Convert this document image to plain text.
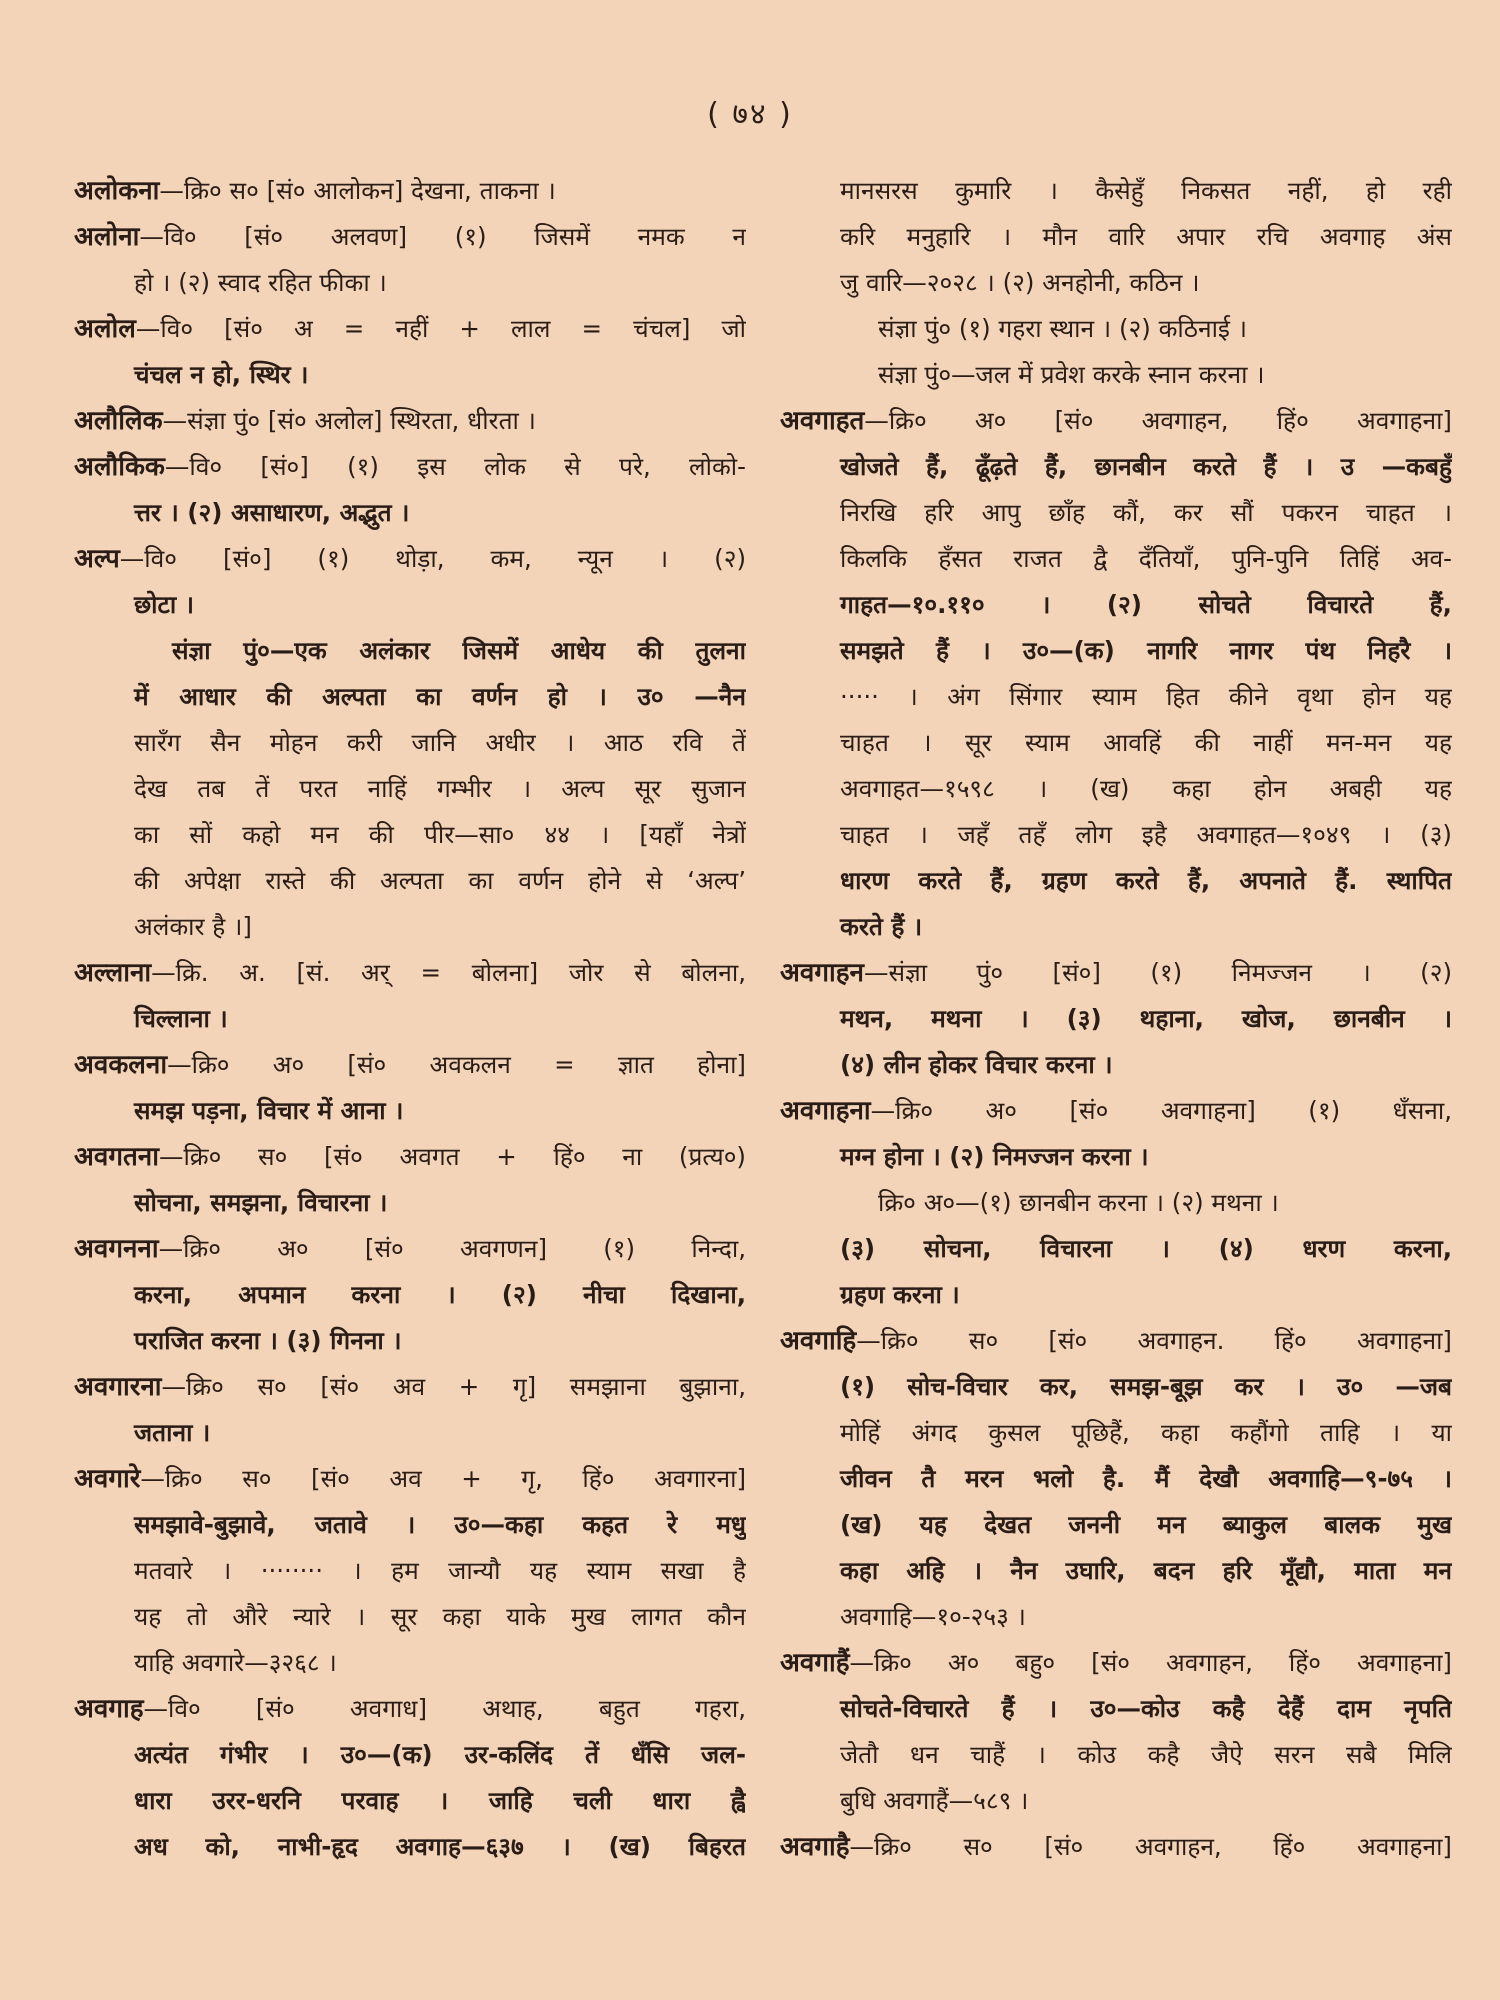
( ७४ )
अलोकना—क्रि० स० [सं० आलोकन] देखना, ताकना ।
अलोना—वि० [सं० अलवण] (१) जिसमें नमक न
हो । (२) स्वाद रहित फीका ।
अलोल—वि० [सं० अ = नहीं + लाल = चंचल] जो
चंचल न हो, स्थिर ।
अलौलिक—संज्ञा पुं० [सं० अलोल] स्थिरता, धीरता ।
अलौकिक—वि० [सं०] (१) इस लोक से परे, लोको-
त्तर । (२) असाधारण, अद्भुत ।
अल्प—वि० [सं०] (१) थोड़ा, कम, न्यून । (२)
छोटा ।
संज्ञा पुं०—एक अलंकार जिसमें आधेय की तुलना
में आधार की अल्पता का वर्णन हो । उ० —नैन
सारँग सैन मोहन करी जानि अधीर । आठ रवि तें
देख तब तें परत नाहिं गम्भीर । अल्प सूर सुजान
का सों कहो मन की पीर—सा० ४४ । [यहाँ नेत्रों
की अपेक्षा रास्ते की अल्पता का वर्णन होने से ‘अल्प’
अलंकार है ।]
अल्लाना—क्रि. अ. [सं. अर् = बोलना] जोर से बोलना,
चिल्लाना ।
अवकलना—क्रि० अ० [सं० अवकलन = ज्ञात होना]
समझ पड़ना, विचार में आना ।
अवगतना—क्रि० स० [सं० अवगत + हिं० ना (प्रत्य०)
सोचना, समझना, विचारना ।
अवगनना—क्रि० अ० [सं० अवगणन] (१) निन्दा,
करना, अपमान करना । (२) नीचा दिखाना,
पराजित करना । (३) गिनना ।
अवगारना—क्रि० स० [सं० अव + गृ] समझाना बुझाना,
जताना ।
अवगारे—क्रि० स० [सं० अव + गृ, हिं० अवगारना]
समझावे-बुझावे, जतावे । उ०—कहा कहत रे मधु
मतवारे । ········ । हम जान्यौ यह स्याम सखा है
यह तो औरे न्यारे । सूर कहा याके मुख लागत कौन
याहि अवगारे—३२६८ ।
अवगाह—वि० [सं० अवगाध] अथाह, बहुत गहरा,
अत्यंत गंभीर । उ०—(क) उर-कलिंद तें धँसि जल-
धारा उरर-धरनि परवाह । जाहि चली धारा ह्वै
अध को, नाभी-हृद अवगाह—६३७ । (ख) बिहरत
मानसरस कुमारि । कैसेहुँ निकसत नहीं, हो रही
करि मनुहारि । मौन वारि अपार रचि अवगाह अंस
जु वारि—२०२८ । (२) अनहोनी, कठिन ।
संज्ञा पुं० (१) गहरा स्थान । (२) कठिनाई ।
संज्ञा पुं०—जल में प्रवेश करके स्नान करना ।
अवगाहत—क्रि० अ० [सं० अवगाहन, हिं० अवगाहना]
खोजते हैं, ढूँढ़ते हैं, छानबीन करते हैं । उ —कबहुँ
निरखि हरि आपु छाँह कौं, कर सौं पकरन चाहत ।
किलकि हँसत राजत द्वै दँतियाँ, पुनि-पुनि तिहिं अव-
गाहत—१०.११० । (२) सोचते विचारते हैं,
समझते हैं । उ०—(क) नागरि नागर पंथ निहरै ।
····· । अंग सिंगार स्याम हित कीने वृथा होन यह
चाहत । सूर स्याम आवहिं की नाहीं मन-मन यह
अवगाहत—१५९८ । (ख) कहा होन अबही यह
चाहत । जहँ तहँ लोग इहै अवगाहत—१०४९ । (३)
धारण करते हैं, ग्रहण करते हैं, अपनाते हैं. स्थापित
करते हैं ।
अवगाहन—संज्ञा पुं० [सं०] (१) निमज्जन । (२)
मथन, मथना । (३) थहाना, खोज, छानबीन ।
(४) लीन होकर विचार करना ।
अवगाहना—क्रि० अ० [सं० अवगाहना] (१) धँसना,
मग्न होना । (२) निमज्जन करना ।
क्रि० अ०—(१) छानबीन करना । (२) मथना ।
(३) सोचना, विचारना । (४) धरण करना,
ग्रहण करना ।
अवगाहि—क्रि० स० [सं० अवगाहन. हिं० अवगाहना]
(१) सोच-विचार कर, समझ-बूझ कर । उ० —जब
मोहिं अंगद कुसल पूछिहैं, कहा कहौंगो ताहि । या
जीवन तै मरन भलो है. मैं देखौ अवगाहि—९-७५ ।
(ख) यह देखत जननी मन ब्याकुल बालक मुख
कहा अहि । नैन उघारि, बदन हरि मूँद्यौ, माता मन
अवगाहि—१०-२५३ ।
अवगाहैं—क्रि० अ० बहु० [सं० अवगाहन, हिं० अवगाहना]
सोचते-विचारते हैं । उ०—कोउ कहै देहैं दाम नृपति
जेतौ धन चाहैं । कोउ कहै जैऐ सरन सबै मिलि
बुधि अवगाहैं—५८९ ।
अवगाहै—क्रि० स० [सं० अवगाहन, हिं० अवगाहना]
